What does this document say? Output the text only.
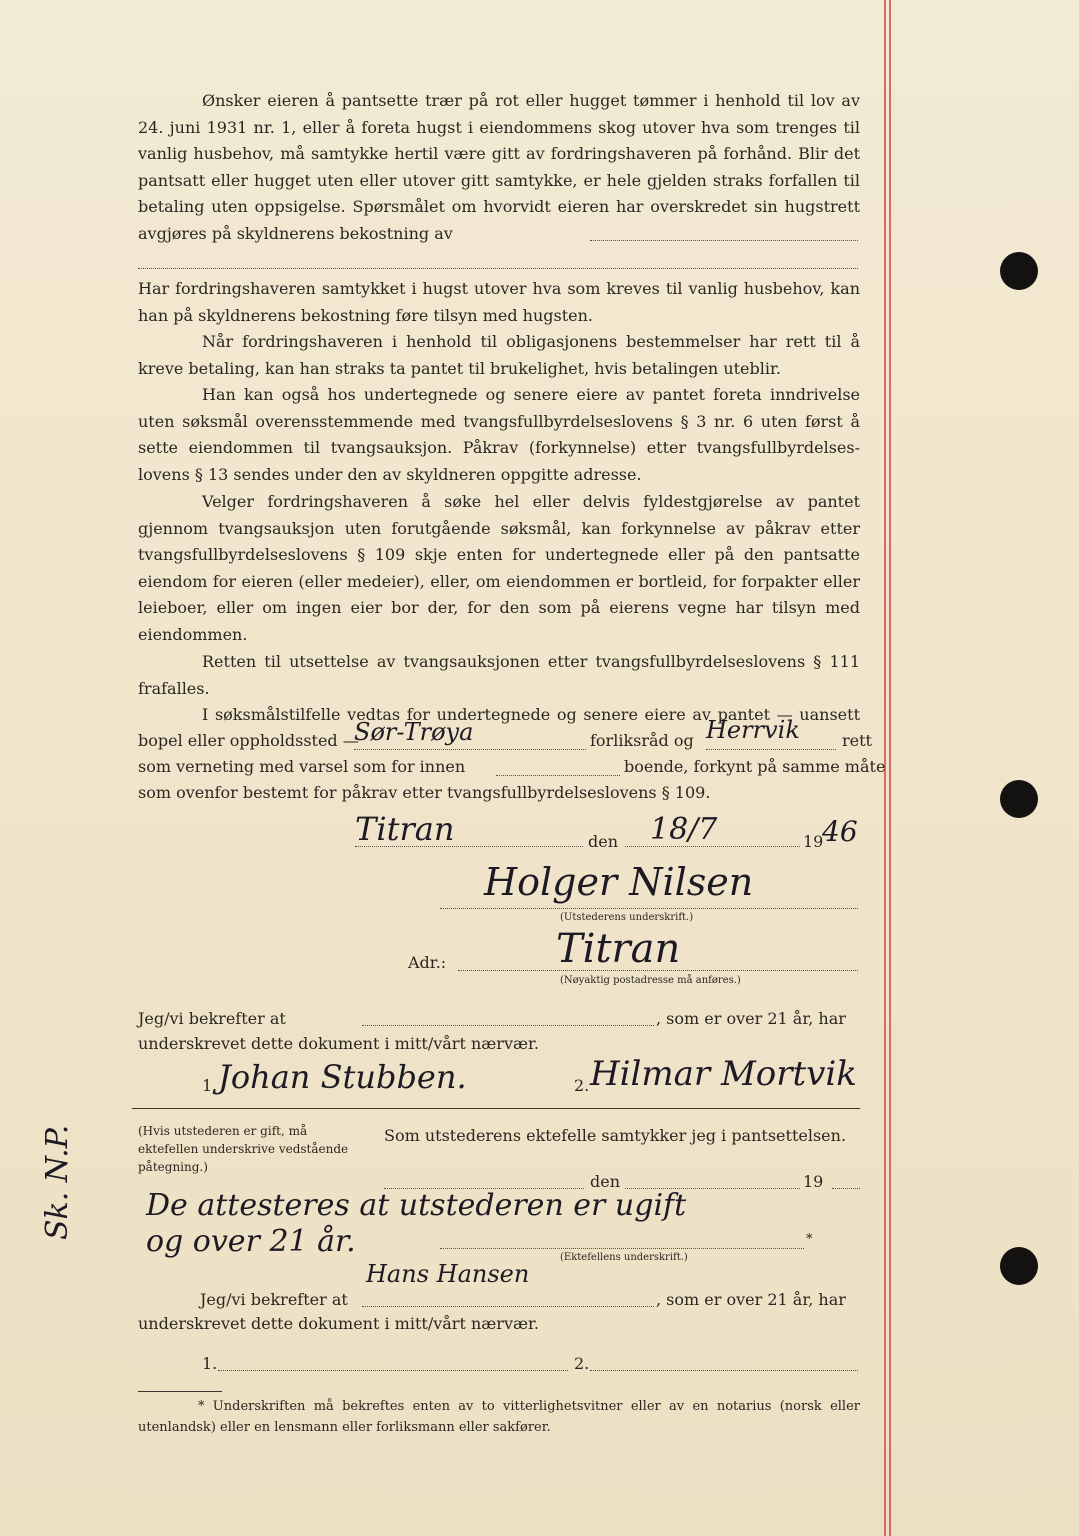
Ønsker eieren å pantsette trær på rot eller hugget tømmer i henhold til lov av 24. juni 1931 nr. 1, eller å foreta hugst i eiendommens skog utover hva som trenges til vanlig husbehov, må samtykke hertil være gitt av fordringshaveren på forhånd. Blir det pantsatt eller hugget uten eller utover gitt samtykke, er hele gjelden straks forfallen til betaling uten oppsigelse. Spørsmålet om hvorvidt eieren har overskredet sin hugstrett avgjøres på skyldnerens bekostning av

Har fordringshaveren samtykket i hugst utover hva som kreves til vanlig husbehov, kan han på skyldnerens bekostning føre tilsyn med hugsten.

Når fordringshaveren i henhold til obligasjonens bestemmelser har rett til å kreve betaling, kan han straks ta pantet til brukelighet, hvis betalingen uteblir.

Han kan også hos undertegnede og senere eiere av pantet foreta inndrivelse uten søksmål overensstemmende med tvangsfullbyrdelseslovens § 3 nr. 6 uten først å sette eiendommen til tvangsauksjon. Påkrav (forkynnelse) etter tvangsfullbyrdelses- lovens § 13 sendes under den av skyldneren oppgitte adresse.

Velger fordringshaveren å søke hel eller delvis fyldestgjørelse av pantet gjennom tvangsauksjon uten forutgående søksmål, kan forkynnelse av påkrav etter tvangsfullbyrdelseslovens § 109 skje enten for undertegnede eller på den pantsatte eiendom for eieren (eller medeier), eller, om eiendommen er bortleid, for forpakter eller leieboer, eller om ingen eier bor der, for den som på eierens vegne har tilsyn med eiendommen.

Retten til utsettelse av tvangsauksjonen etter tvangsfullbyrdelseslovens § 111 frafalles.

I søksmålstilfelle vedtas for undertegnede og senere eiere av pantet — uansett

bopel eller oppholdssted —
Sør-Trøya	forliksråd og Herrvik	rett
som verneting med varsel som for innen	boende, forkynt på samme måte
som ovenfor bestemt for påkrav etter tvangsfullbyrdelseslovens § 109.
Titran	den 18/7	19
46
Holger Nilsen
(Utstederens underskrift.)
Adr.:	Titran
(Nøyaktig postadresse må anføres.)
Jeg/vi bekrefter at	, som er over 21 år, har
underskrevet dette dokument i mitt/vårt nærvær.
1. Johan Stubben.	2. Hilmar Mortvik
(Hvis utstederen er gift, må ektefellen underskrive vedstående påtegning.)
Som utstederens ektefelle samtykker jeg i pantsettelsen.
den	19
De attesteres at utstederen er ugift
og over 21 år.	*
(Ektefellens underskrift.)
Sk. N.P.
Hans Hansen
Jeg/vi bekrefter at	, som er over 21 år, har
underskrevet dette dokument i mitt/vårt nærvær.
1.	2.
* Underskriften må bekreftes enten av to vitterlighetsvitner eller av en notarius (norsk eller utenlandsk) eller en lensmann eller forliksmann eller sakfører.
